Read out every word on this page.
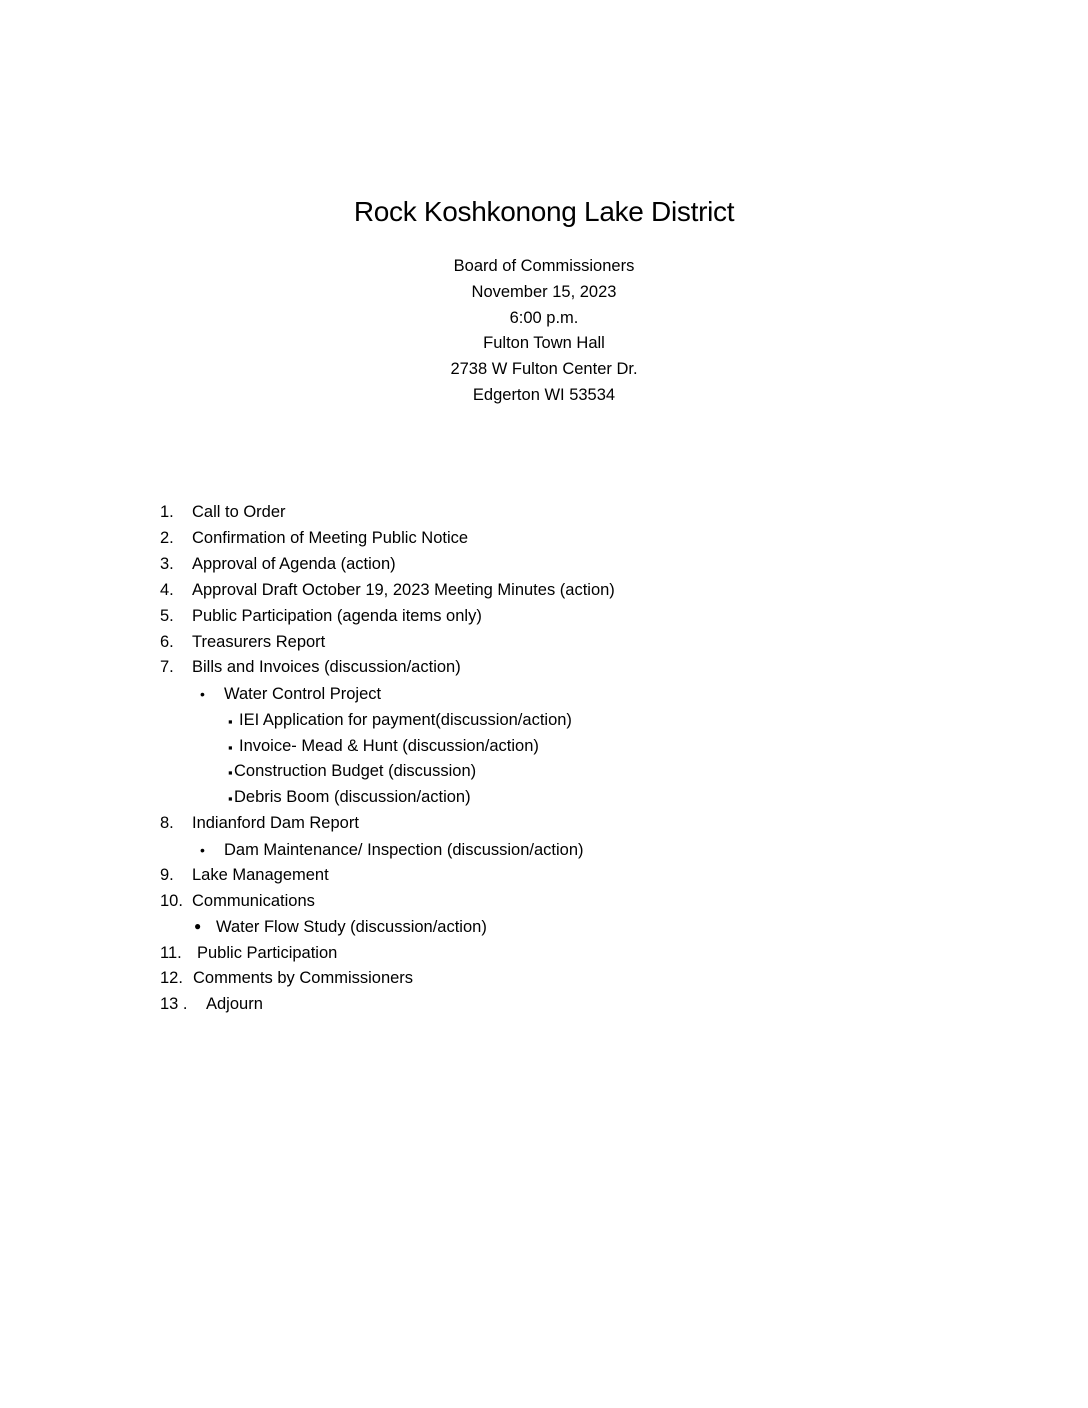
Rock Koshkonong Lake District
Board of Commissioners
November 15, 2023
6:00 p.m.
Fulton Town Hall
2738 W Fulton Center Dr.
Edgerton WI 53534
1. Call to Order
2. Confirmation of Meeting Public Notice
3. Approval of Agenda (action)
4. Approval Draft October 19, 2023 Meeting Minutes (action)
5. Public Participation (agenda items only)
6. Treasurers Report
7. Bills and Invoices (discussion/action)
• Water Control Project
▪ IEI Application for payment(discussion/action)
▪ Invoice- Mead & Hunt (discussion/action)
▪ Construction Budget (discussion)
▪ Debris Boom (discussion/action)
8. Indianford Dam Report
• Dam Maintenance/ Inspection (discussion/action)
9. Lake Management
10. Communications
● Water Flow Study (discussion/action)
11. Public Participation
12. Comments by Commissioners
13 . Adjourn
